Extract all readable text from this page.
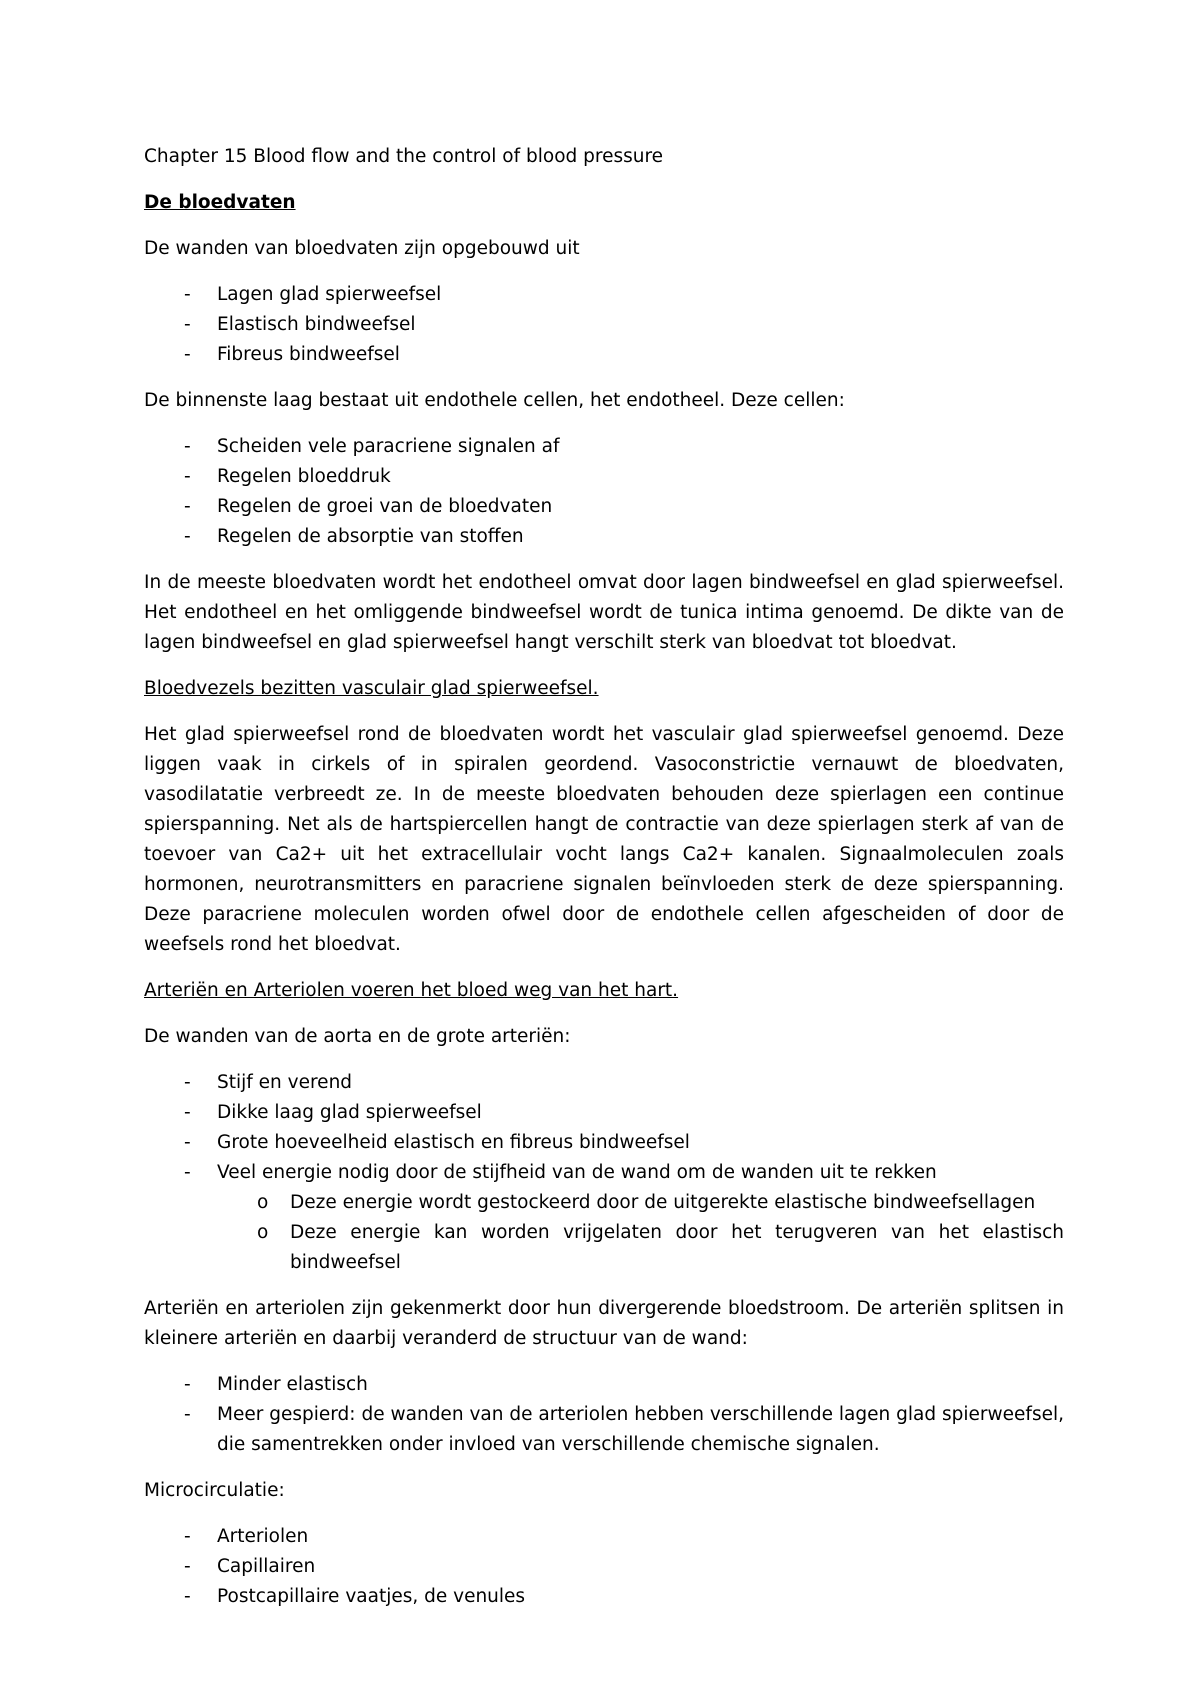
Chapter 15 Blood flow and the control of blood pressure

De bloedvaten

De wanden van bloedvaten zijn opgebouwd uit

- Lagen glad spierweefsel
- Elastisch bindweefsel
- Fibreus bindweefsel

De binnenste laag bestaat uit endothele cellen, het endotheel. Deze cellen:

- Scheiden vele paracriene signalen af
- Regelen bloeddruk
- Regelen de groei van de bloedvaten
- Regelen de absorptie van stoffen

In de meeste bloedvaten wordt het endotheel omvat door lagen bindweefsel en glad spierweefsel. Het endotheel en het omliggende bindweefsel wordt de tunica intima genoemd. De dikte van de lagen bindweefsel en glad spierweefsel hangt verschilt sterk van bloedvat tot bloedvat.

Bloedvezels bezitten vasculair glad spierweefsel.

Het glad spierweefsel rond de bloedvaten wordt het vasculair glad spierweefsel genoemd. Deze liggen vaak in cirkels of in spiralen geordend. Vasoconstrictie vernauwt de bloedvaten, vasodilatatie verbreedt ze. In de meeste bloedvaten behouden deze spierlagen een continue spierspanning. Net als de hartspiercellen hangt de contractie van deze spierlagen sterk af van de toevoer van Ca2+ uit het extracellulair vocht langs Ca2+ kanalen. Signaalmoleculen zoals hormonen, neurotransmitters en paracriene signalen beïnvloeden sterk de deze spierspanning. Deze paracriene moleculen worden ofwel door de endothele cellen afgescheiden of door de weefsels rond het bloedvat.

Arteriën en Arteriolen voeren het bloed weg van het hart.

De wanden van de aorta en de grote arteriën:

- Stijf en verend
- Dikke laag glad spierweefsel
- Grote hoeveelheid elastisch en fibreus bindweefsel
- Veel energie nodig door de stijfheid van de wand om de wanden uit te rekken
o Deze energie wordt gestockeerd door de uitgerekte elastische bindweefsellagen
o Deze energie kan worden vrijgelaten door het terugveren van het elastisch bindweefsel

Arteriën en arteriolen zijn gekenmerkt door hun divergerende bloedstroom. De arteriën splitsen in kleinere arteriën en daarbij veranderd de structuur van de wand:

- Minder elastisch
- Meer gespierd: de wanden van de arteriolen hebben verschillende lagen glad spierweefsel, die samentrekken onder invloed van verschillende chemische signalen.

Microcirculatie:

- Arteriolen
- Capillairen
- Postcapillaire vaatjes, de venules
